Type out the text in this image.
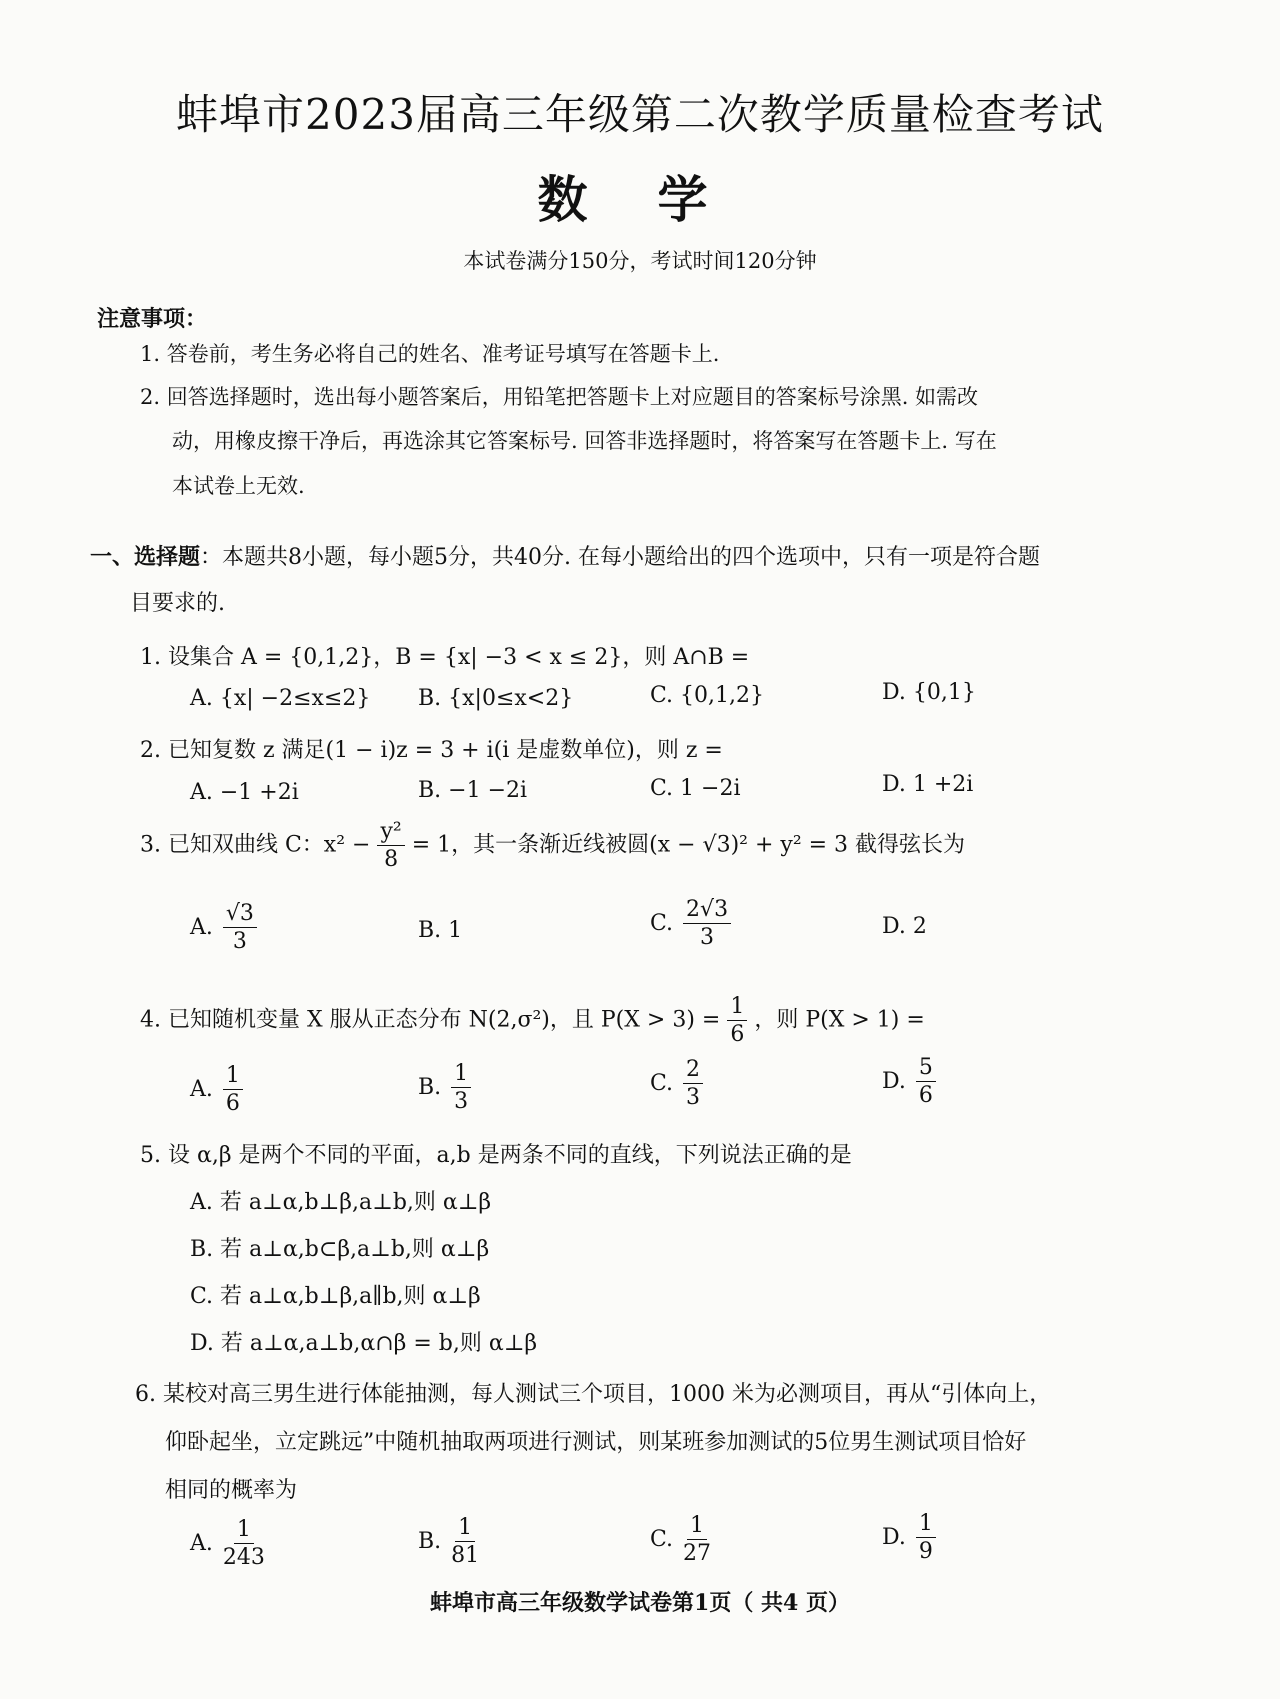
蚌埠市2023届高三年级第二次教学质量检查考试
数学
本试卷满分150分，考试时间120分钟
注意事项：
1. 答卷前，考生务必将自己的姓名、准考证号填写在答题卡上.
2. 回答选择题时，选出每小题答案后，用铅笔把答题卡上对应题目的答案标号涂黑. 如需改
动，用橡皮擦干净后，再选涂其它答案标号. 回答非选择题时，将答案写在答题卡上. 写在
本试卷上无效.
一、选择题：本题共8小题，每小题5分，共40分. 在每小题给出的四个选项中，只有一项是符合题
目要求的.
1. 设集合 A = {0,1,2}，B = {x| −3 < x ≤ 2}，则 A∩B =
A. {x| −2≤x≤2} B. {x|0≤x<2}	C. {0,1,2}	D. {0,1}
2. 已知复数 z 满足(1 − i)z = 3 + i(i 是虚数单位)，则 z =
A. −1 +2i	B. −1 −2i	C. 1 −2i	D. 1 +2i
3. 已知双曲线 C：$x^2 - \frac{\text{y²}}{8} = 1$，其一条渐近线被圆(x − √3)² + y² = 3 截得弦长为
A. $\frac{√3}{3}$	B. 1	C. $\frac{2√3}{3}$	D. 2
4. 已知随机变量 X 服从正态分布 N(2,σ²)，且 $P(X > 3) = \frac{1}{6}$ ，则 P(X > 1) =
A. $\frac{1}{6}$	B. $\frac{1}{3}$	C. $\frac{2}{3}$	D. $\frac{5}{6}$
5. 设 α,β 是两个不同的平面，a,b 是两条不同的直线，下列说法正确的是
A. 若 a⊥α,b⊥β,a⊥b,则 α⊥β
B. 若 a⊥α,b⊂β,a⊥b,则 α⊥β
C. 若 a⊥α,b⊥β,a∥b,则 α⊥β
D. 若 a⊥α,a⊥b,α∩β = b,则 α⊥β
6. 某校对高三男生进行体能抽测，每人测试三个项目，1000 米为必测项目，再从“引体向上，
仰卧起坐，立定跳远”中随机抽取两项进行测试，则某班参加测试的5位男生测试项目恰好
相同的概率为
A. $\frac{1}{243}$	B. $\frac{1}{81}$	C. $\frac{1}{27}$	D. $\frac{1}{9}$
蚌埠市高三年级数学试卷第1页（ 共4 页）
